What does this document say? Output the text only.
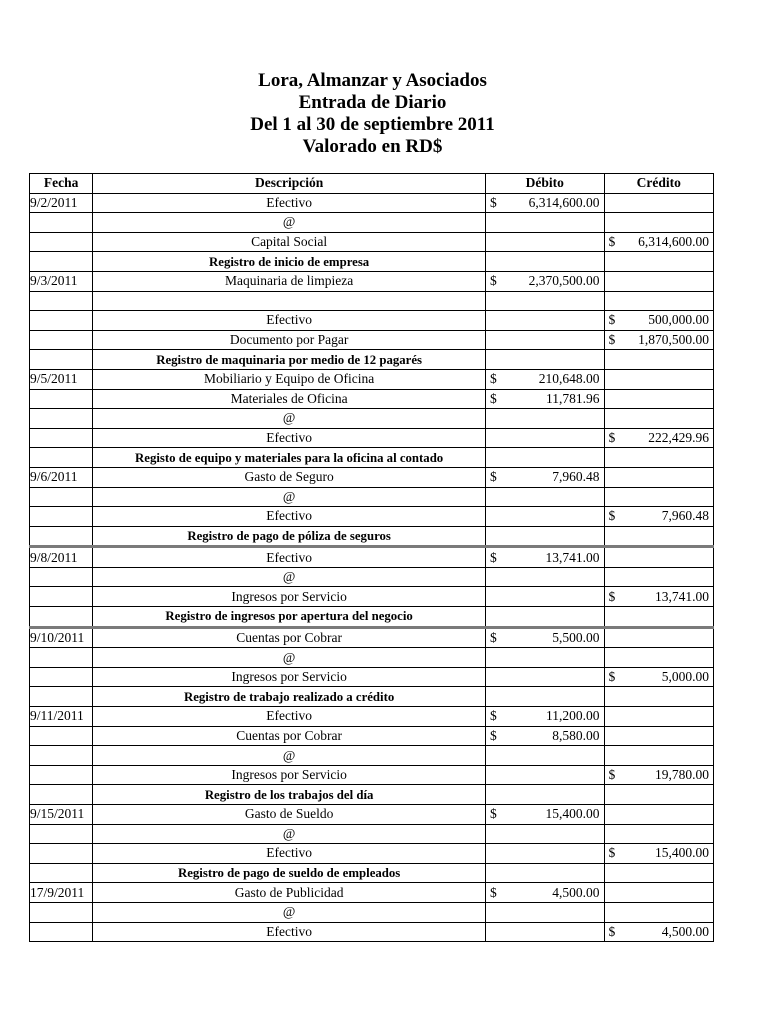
Lora, Almanzar y Asociados
Entrada de Diario
Del 1 al 30 de septiembre 2011
Valorado en RD$
Fecha	Descripción	Débito	Crédito
9/2/2011	Efectivo	$ 6,314,600.00	

	@		
	Capital Social		$ 6,314,600.00

	Registro de inicio de empresa		
9/3/2011	Maquinaria de limpieza	$ 2,370,500.00	

	Efectivo		$ 500,000.00

	Documento por Pagar		$ 1,870,500.00

	Registro de maquinaria por medio de 12 pagarés		
9/5/2011	Mobiliario y Equipo de Oficina	$ 210,648.00	

	Materiales de Oficina	$ 11,781.96	

	@		
	Efectivo		$ 222,429.96

	Registo de equipo y materiales para la oficina al contado		
9/6/2011	Gasto de Seguro	$ 7,960.48	

	@		
	Efectivo		$ 7,960.48

	Registro de pago de póliza de seguros		
9/8/2011	Efectivo	$ 13,741.00	

	@		
	Ingresos por Servicio		$ 13,741.00

	Registro de ingresos por apertura del negocio		
9/10/2011	Cuentas por Cobrar	$ 5,500.00	

	@		
	Ingresos por Servicio		$ 5,000.00

	Registro de trabajo realizado a crédito		
9/11/2011	Efectivo	$ 11,200.00	

	Cuentas por Cobrar	$ 8,580.00	

	@		
	Ingresos por Servicio		$ 19,780.00

	Registro de los trabajos del día		
9/15/2011	Gasto de Sueldo	$ 15,400.00	

	@		
	Efectivo		$ 15,400.00

	Registro de pago de sueldo de empleados		
17/9/2011	Gasto de Publicidad	$ 4,500.00	

	@		
	Efectivo		$ 4,500.00
